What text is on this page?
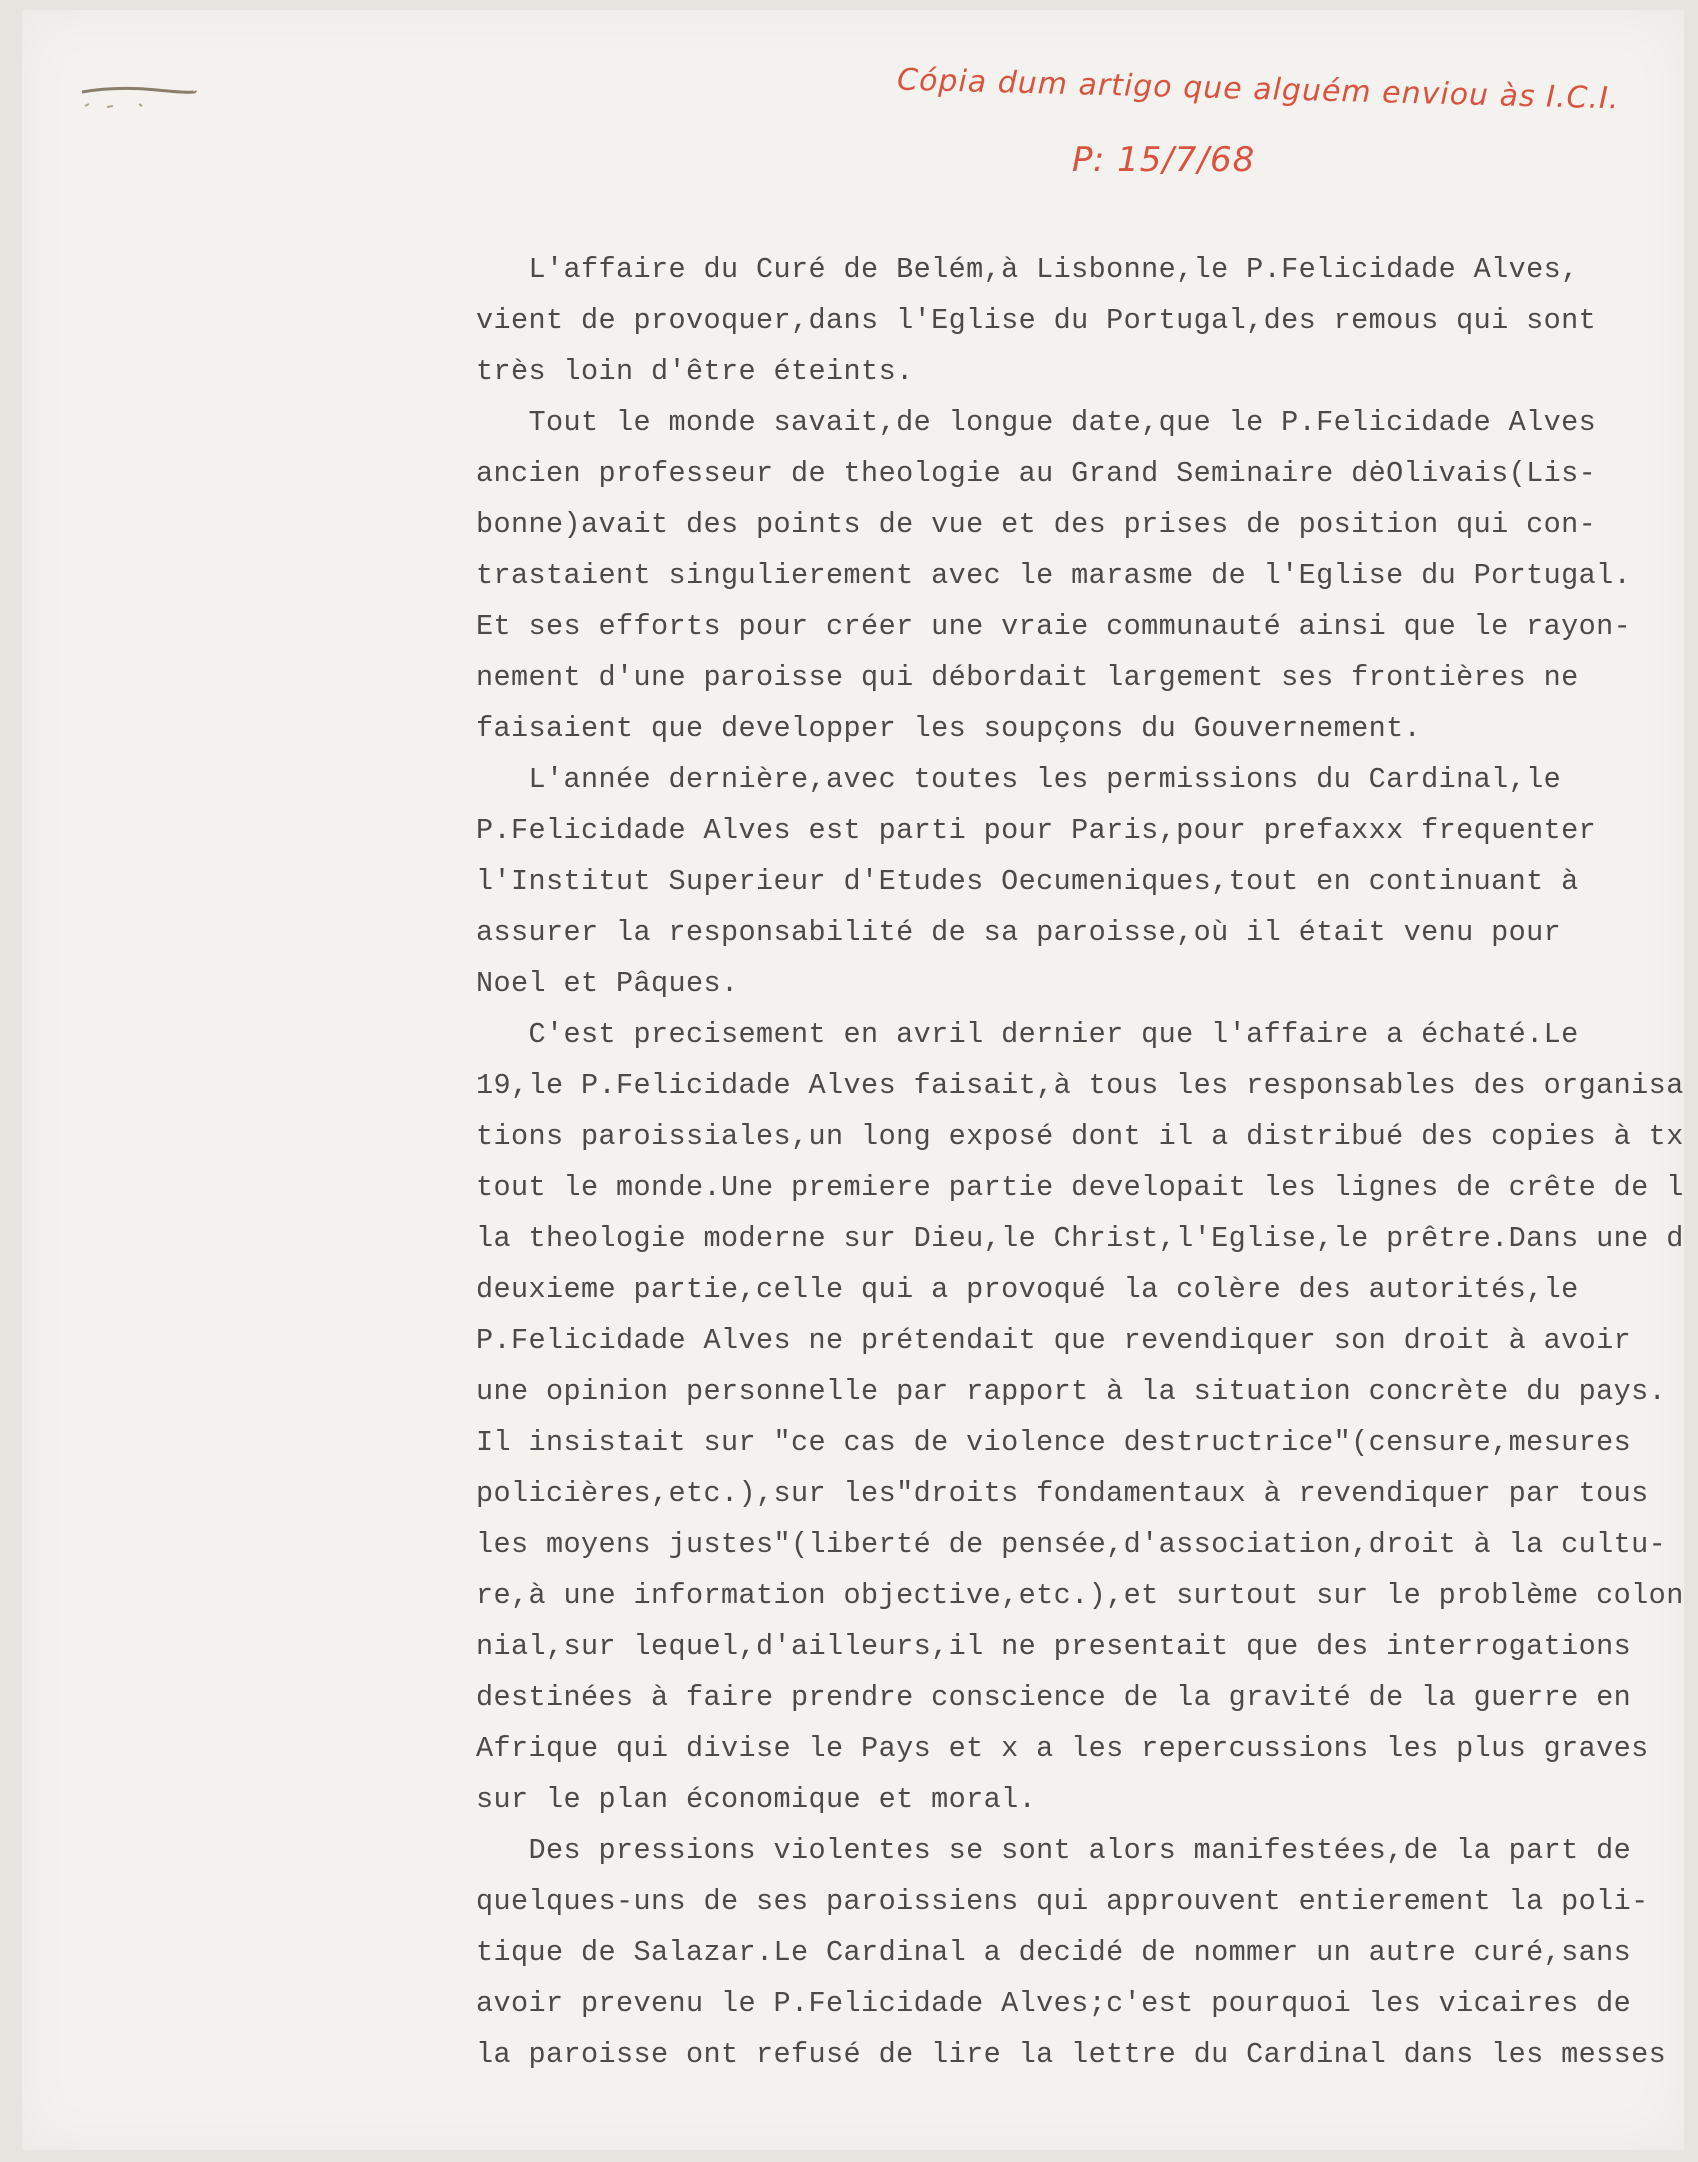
Cópia dum artigo que alguém enviou às I.C.I.
P: 15/7/68
L'affaire du Curé de Belém,à Lisbonne,le P.Felicidade Alves,
vient de provoquer,dans l'Eglise du Portugal,des remous qui sont
très loin d'être éteints.
Tout le monde savait,de longue date,que le P.Felicidade Alves
ancien professeur de theologie au Grand Seminaire dėOlivais(Lis-
bonne)avait des points de vue et des prises de position qui con-
trastaient singulierement avec le marasme de l'Eglise du Portugal.
Et ses efforts pour créer une vraie communauté ainsi que le rayon-
nement d'une paroisse qui débordait largement ses frontières ne
faisaient que developper les soupçons du Gouvernement.
L'année dernière,avec toutes les permissions du Cardinal,le
P.Felicidade Alves est parti pour Paris,pour prefaxxx frequenter
l'Institut Superieur d'Etudes Oecumeniques,tout en continuant à
assurer la responsabilité de sa paroisse,où il était venu pour
Noel et Pâques.
C'est precisement en avril dernier que l'affaire a échaté.Le
19,le P.Felicidade Alves faisait,à tous les responsables des organisa
tions paroissiales,un long exposé dont il a distribué des copies à tx
tout le monde.Une premiere partie developait les lignes de crête de l
la theologie moderne sur Dieu,le Christ,l'Eglise,le prêtre.Dans une d
deuxieme partie,celle qui a provoqué la colère des autorités,le
P.Felicidade Alves ne prétendait que revendiquer son droit à avoir
une opinion personnelle par rapport à la situation concrète du pays.
Il insistait sur "ce cas de violence destructrice"(censure,mesures
policières,etc.),sur les"droits fondamentaux à revendiquer par tous
les moyens justes"(liberté de pensée,d'association,droit à la cultu-
re,à une information objective,etc.),et surtout sur le problème colon
nial,sur lequel,d'ailleurs,il ne presentait que des interrogations
destinées à faire prendre conscience de la gravité de la guerre en
Afrique qui divise le Pays et x a les repercussions les plus graves
sur le plan économique et moral.
Des pressions violentes se sont alors manifestées,de la part de
quelques-uns de ses paroissiens qui approuvent entierement la poli-
tique de Salazar.Le Cardinal a decidé de nommer un autre curé,sans
avoir prevenu le P.Felicidade Alves;c'est pourquoi les vicaires de
la paroisse ont refusé de lire la lettre du Cardinal dans les messes
